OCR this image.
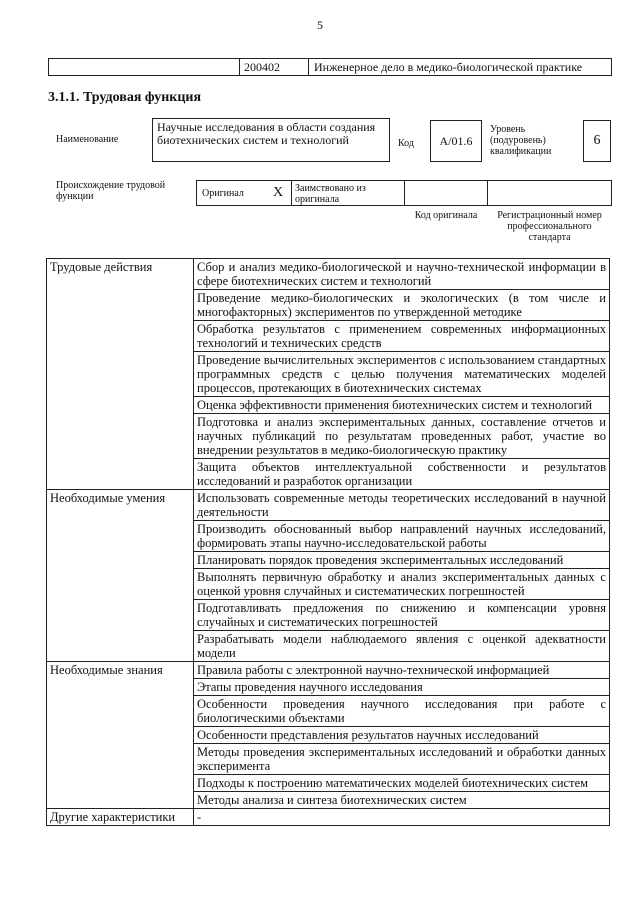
5
200402	Инженерное дело в медико-биологической практике
3.1.1. Трудовая функция
Наименование
Научные исследования в области создания биотехнических систем и технологий	Код	A/01.6
Уровень (подуровень) квалификации
6
Происхождение трудовой функции	Оригинал X	Заимствовано из оригинала
Код оригинала	Регистрационный номер профессионального стандарта
Трудовые действия	Сбор и анализ медико-биологической и научно-технической информации в сфере биотехнических систем и технологий
	Проведение медико-биологических и экологических (в том числе и многофакторных) экспериментов по утвержденной методике
	Обработка результатов с применением современных информационных технологий и технических средств
	Проведение вычислительных экспериментов с использованием стандартных программных средств с целью получения математических моделей процессов, протекающих в биотехнических системах
	Оценка эффективности применения биотехнических систем и технологий
	Подготовка и анализ экспериментальных данных, составление отчетов и научных публикаций по результатам проведенных работ, участие во внедрении результатов в медико-биологическую практику
	Защита объектов интеллектуальной собственности и результатов исследований и разработок организации
Необходимые умения	Использовать современные методы теоретических исследований в научной деятельности
	Производить обоснованный выбор направлений научных исследований, формировать этапы научно-исследовательской работы
	Планировать порядок проведения экспериментальных исследований
	Выполнять первичную обработку и анализ экспериментальных данных с оценкой уровня случайных и систематических погрешностей
	Подготавливать предложения по снижению и компенсации уровня случайных и систематических погрешностей
	Разрабатывать модели наблюдаемого явления с оценкой адекватности модели
Необходимые знания	Правила работы с электронной научно-технической информацией
	Этапы проведения научного исследования
	Особенности проведения научного исследования при работе с биологическими объектами
	Особенности представления результатов научных исследований
	Методы проведения экспериментальных исследований и обработки данных эксперимента
	Подходы к построению математических моделей биотехнических систем
	Методы анализа и синтеза биотехнических систем
Другие характеристики	-
